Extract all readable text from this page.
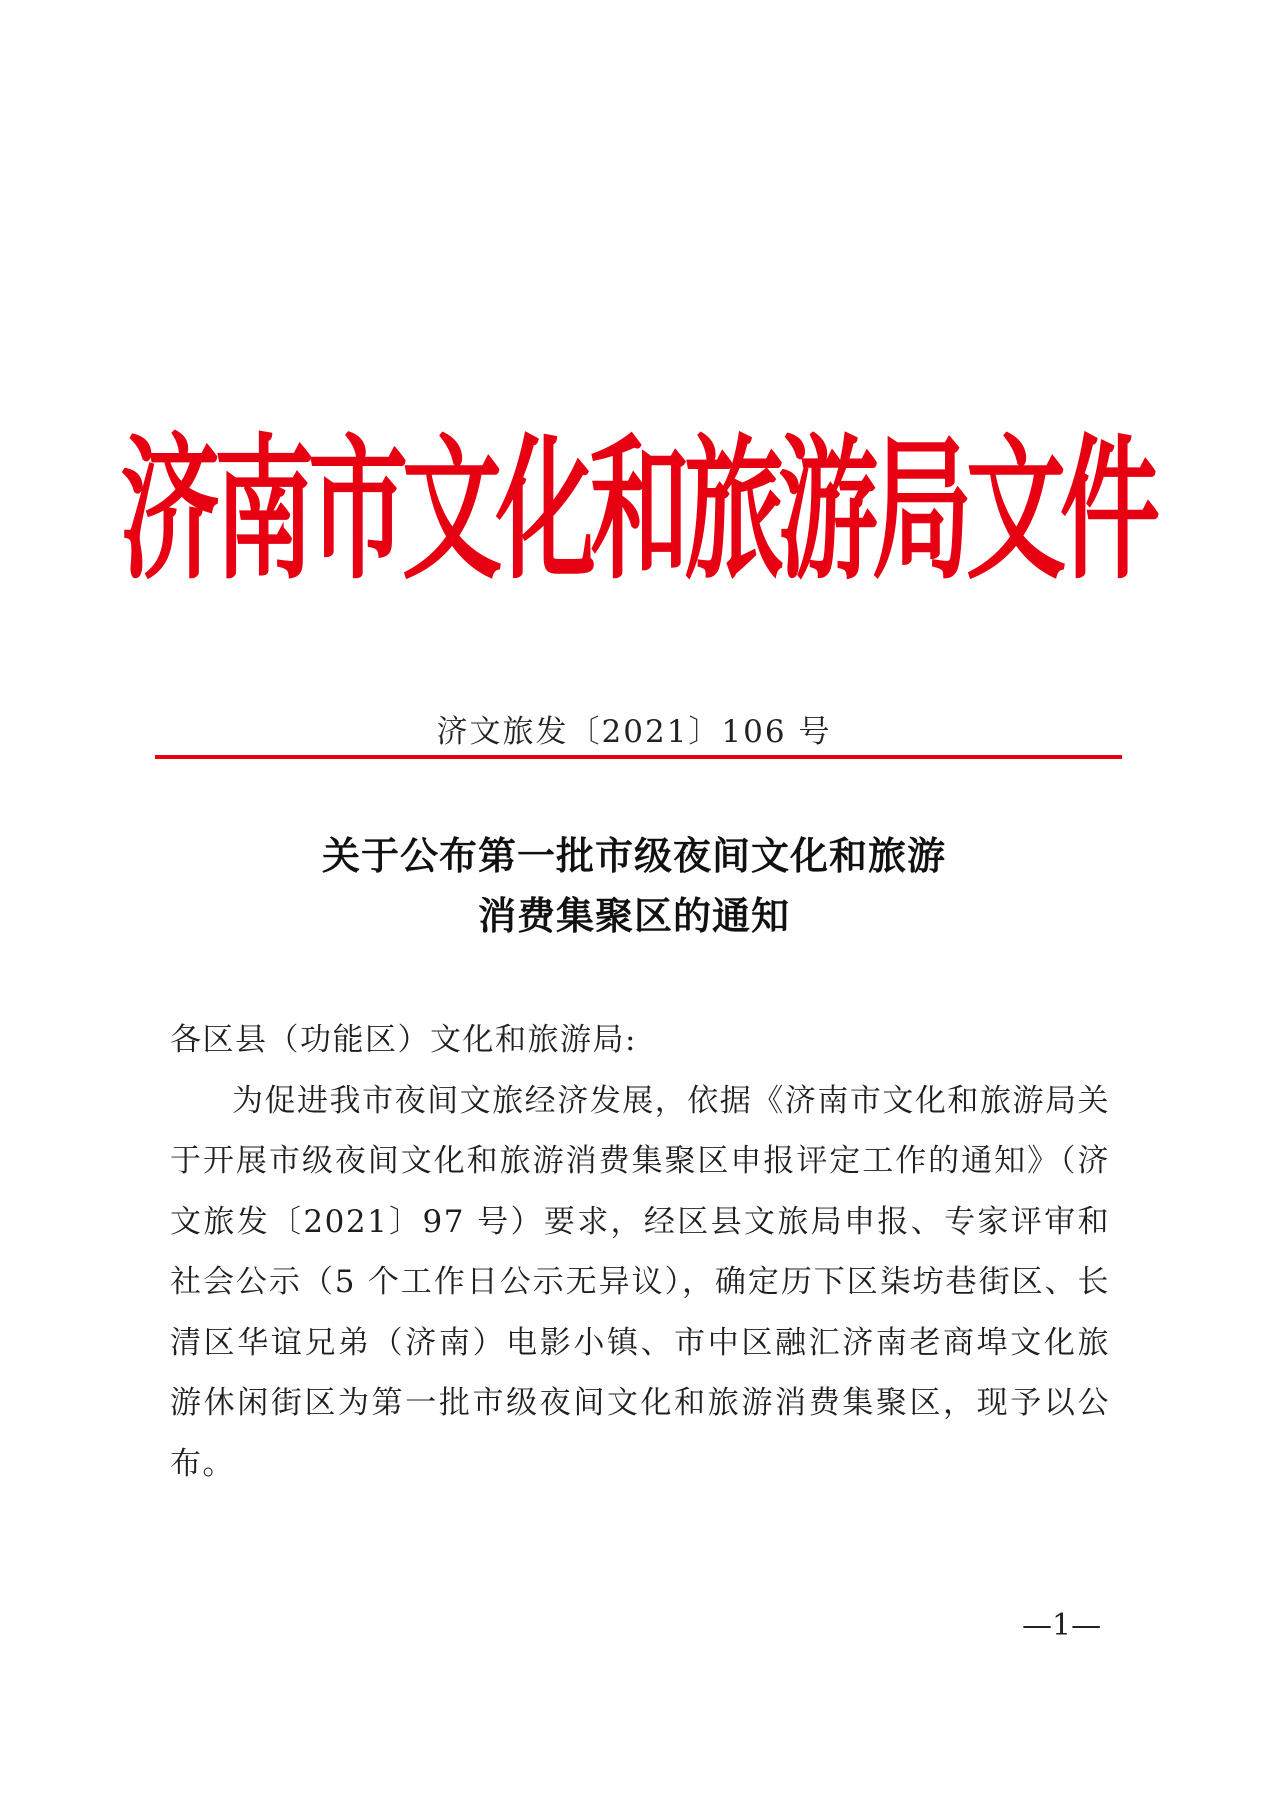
济南市文化和旅游局文件
济文旅发〔2021〕106 号
关于公布第一批市级夜间文化和旅游
消费集聚区的通知

各区县（功能区）文化和旅游局:

为促进我市夜间文旅经济发展，依据《济南市文化和旅游局关于开展市级夜间文化和旅游消费集聚区申报评定工作的通知》（济文旅发〔2021〕97 号）要求，经区县文旅局申报、专家评审和社会公示（5 个工作日公示无异议），确定历下区柒坊巷街区、长清区华谊兄弟（济南）电影小镇、市中区融汇济南老商埠文化旅游休闲街区为第一批市级夜间文化和旅游消费集聚区，现予以公布。

—1—
